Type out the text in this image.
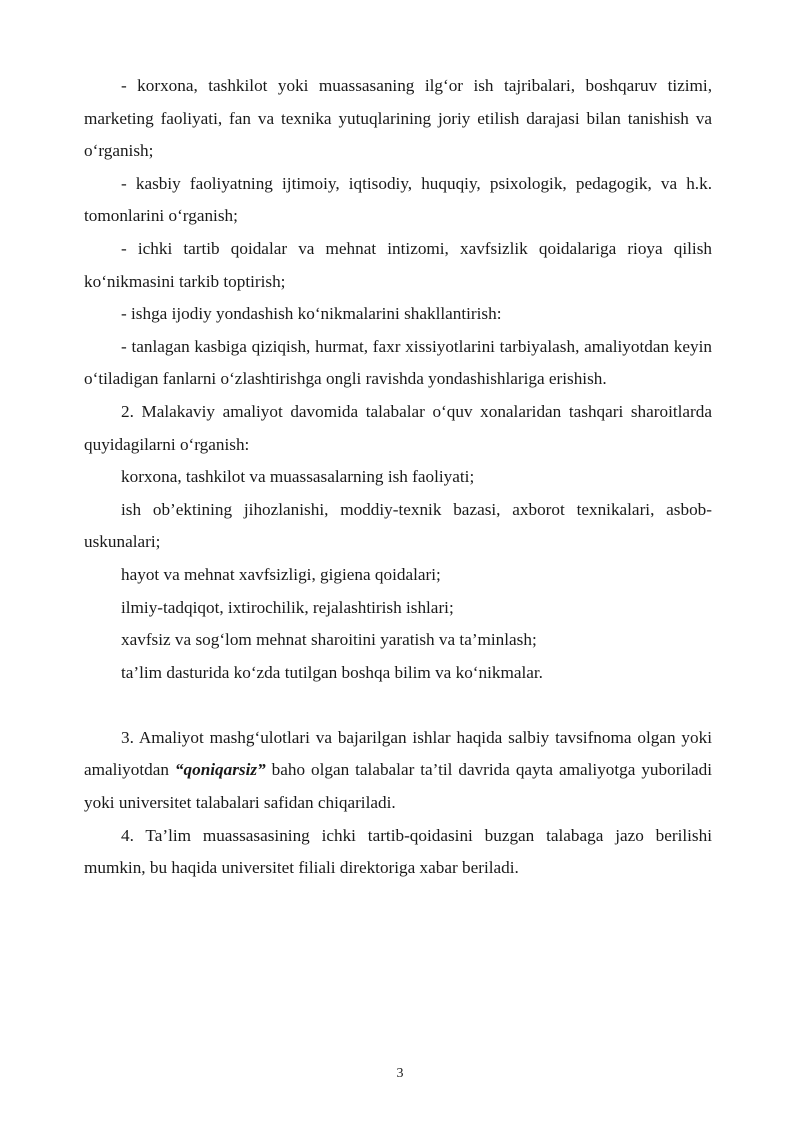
- korxona, tashkilot yoki muassasaning ilg‘or ish tajribalari, boshqaruv tizimi, marketing faoliyati, fan va texnika yutuqlarining joriy etilish darajasi bilan tanishish va o‘rganish;

- kasbiy faoliyatning ijtimoiy, iqtisodiy, huquqiy, psixologik, pedagogik, va h.k. tomonlarini o‘rganish;

- ichki tartib qoidalar va mehnat intizomi, xavfsizlik qoidalariga rioya qilish ko‘nikmasini tarkib toptirish;

- ishga ijodiy yondashish ko‘nikmalarini shakllantirish:

- tanlagan kasbiga qiziqish, hurmat, faxr xissiyotlarini tarbiyalash, amaliyotdan keyin o‘tiladigan fanlarni o‘zlashtirishga ongli ravishda yondashishlariga erishish.

2. Malakaviy amaliyot davomida talabalar o‘quv xonalaridan tashqari sharoitlarda quyidagilarni o‘rganish:

korxona, tashkilot va muassasalarning ish faoliyati;

ish ob’ektining jihozlanishi, moddiy-texnik bazasi, axborot texnikalari, asbob-uskunalari;

hayot va mehnat xavfsizligi, gigiena qoidalari;

ilmiy-tadqiqot, ixtirochilik, rejalashtirish ishlari;

xavfsiz va sog‘lom mehnat sharoitini yaratish va ta’minlash;

ta’lim dasturida ko‘zda tutilgan boshqa bilim va ko‘nikmalar.

3. Amaliyot mashg‘ulotlari va bajarilgan ishlar haqida salbiy tavsifnoma olgan yoki amaliyotdan “qoniqarsiz” baho olgan talabalar ta’til davrida qayta amaliyotga yuboriladi yoki universitet talabalari safidan chiqariladi.

4. Ta’lim muassasasining ichki tartib-qoidasini buzgan talabaga jazo berilishi mumkin, bu haqida universitet filiali direktoriga xabar beriladi.

3
